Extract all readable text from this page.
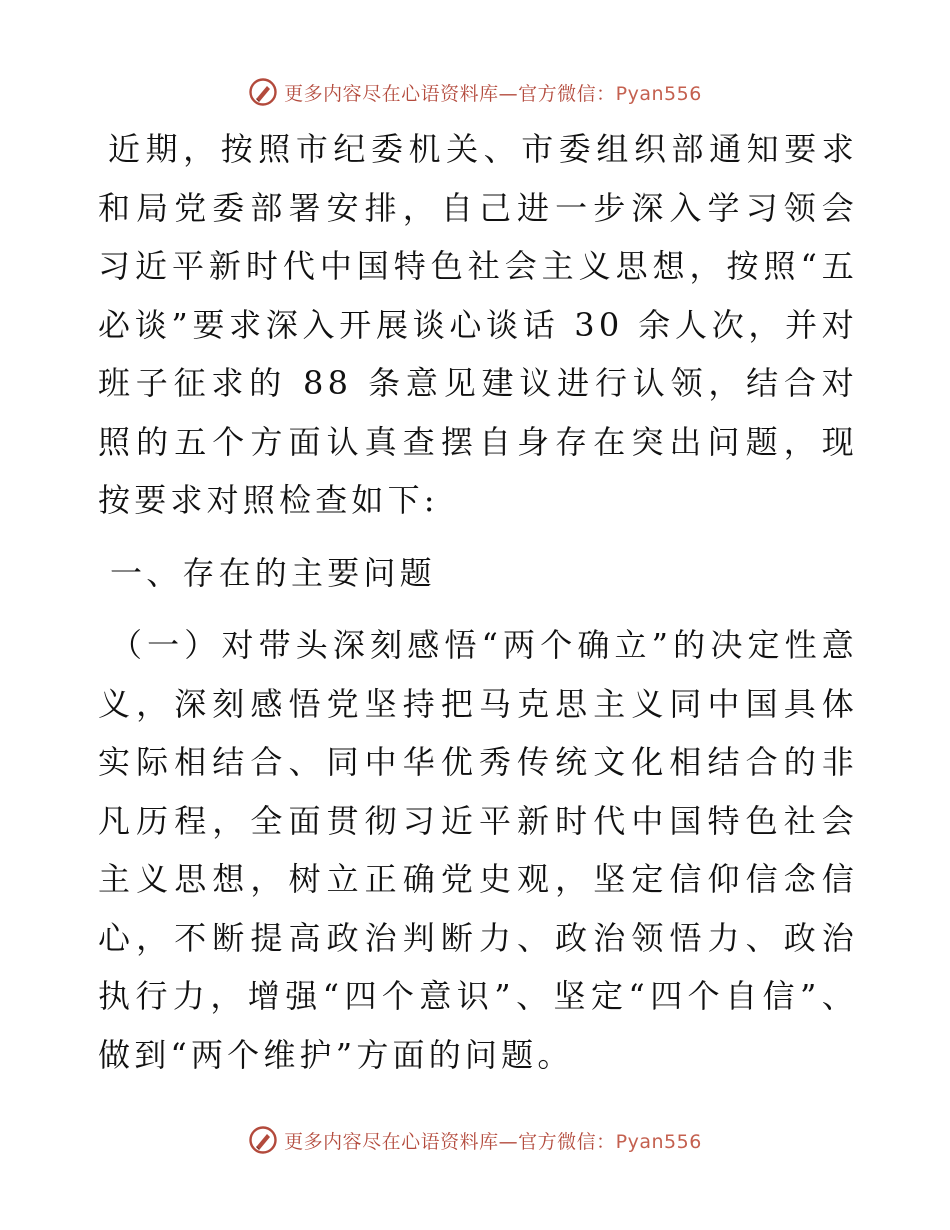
更多内容尽在心语资料库—官方微信：Pyan556

近期，按照市纪委机关、市委组织部通知要求和局党委部署安排，自己进一步深入学习领会习近平新时代中国特色社会主义思想，按照“五必谈”要求深入开展谈心谈话 30 余人次，并对班子征求的 88 条意见建议进行认领，结合对照的五个方面认真查摆自身存在突出问题，现按要求对照检查如下:

一、存在的主要问题

（一）对带头深刻感悟“两个确立”的决定性意义，深刻感悟党坚持把马克思主义同中国具体实际相结合、同中华优秀传统文化相结合的非凡历程，全面贯彻习近平新时代中国特色社会主义思想，树立正确党史观，坚定信仰信念信心，不断提高政治判断力、政治领悟力、政治执行力，增强“四个意识”、坚定“四个自信”、做到“两个维护”方面的问题。

更多内容尽在心语资料库—官方微信：Pyan556
